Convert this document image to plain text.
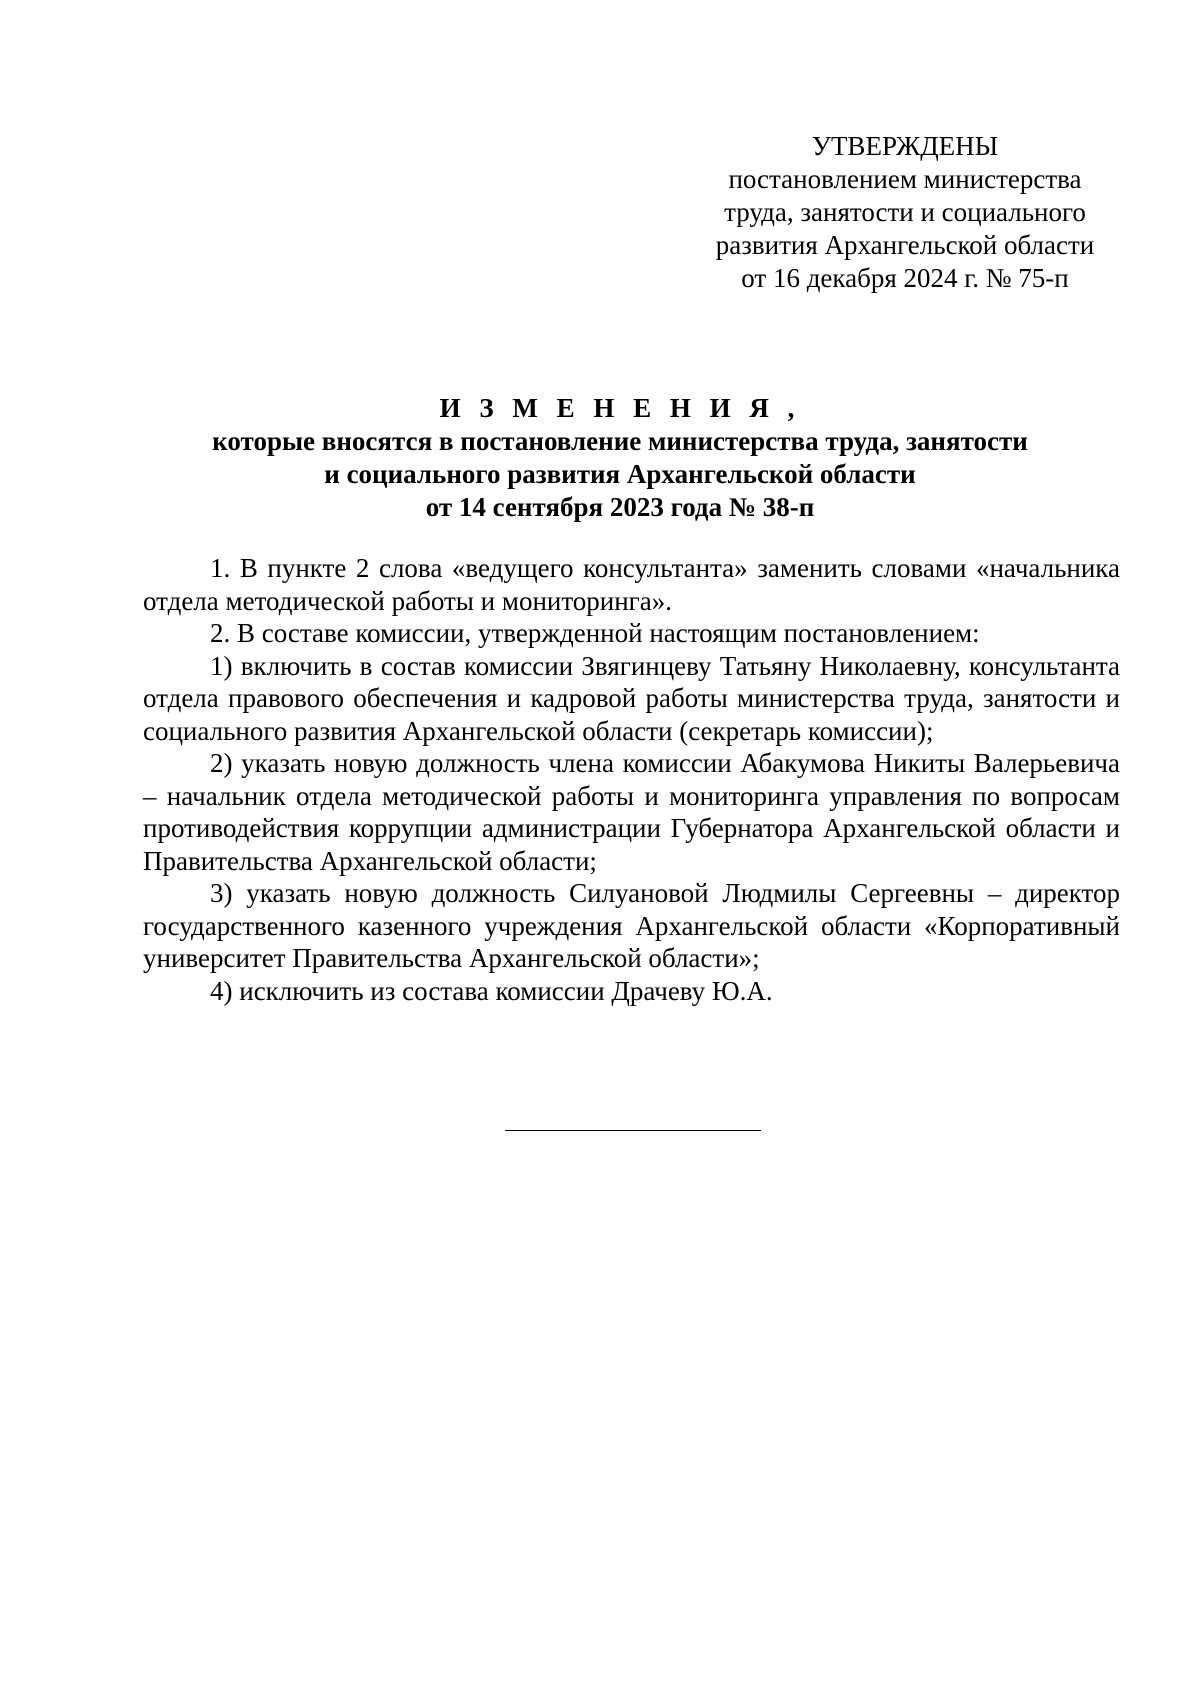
УТВЕРЖДЕНЫ
постановлением министерства
труда, занятости и социального
развития Архангельской области
от 16 декабря 2024 г. № 75-п
И З М Е Н Е Н И Я ,
которые вносятся в постановление министерства труда, занятости
и социального развития Архангельской области
от 14 сентября 2023 года № 38-п

1. В пункте 2 слова «ведущего консультанта» заменить словами «начальника отдела методической работы и мониторинга».

2. В составе комиссии, утвержденной настоящим постановлением:

1) включить в состав комиссии Звягинцеву Татьяну Николаевну, консультанта отдела правового обеспечения и кадровой работы министерства труда, занятости и социального развития Архангельской области (секретарь комиссии);

2) указать новую должность члена комиссии Абакумова Никиты Валерьевича – начальник отдела методической работы и мониторинга управления по вопросам противодействия коррупции администрации Губернатора Архангельской области и Правительства Архангельской области;

3) указать новую должность Силуановой Людмилы Сергеевны – директор государственного казенного учреждения Архангельской области «Корпоративный университет Правительства Архангельской области»;

4) исключить из состава комиссии Драчеву Ю.А.
